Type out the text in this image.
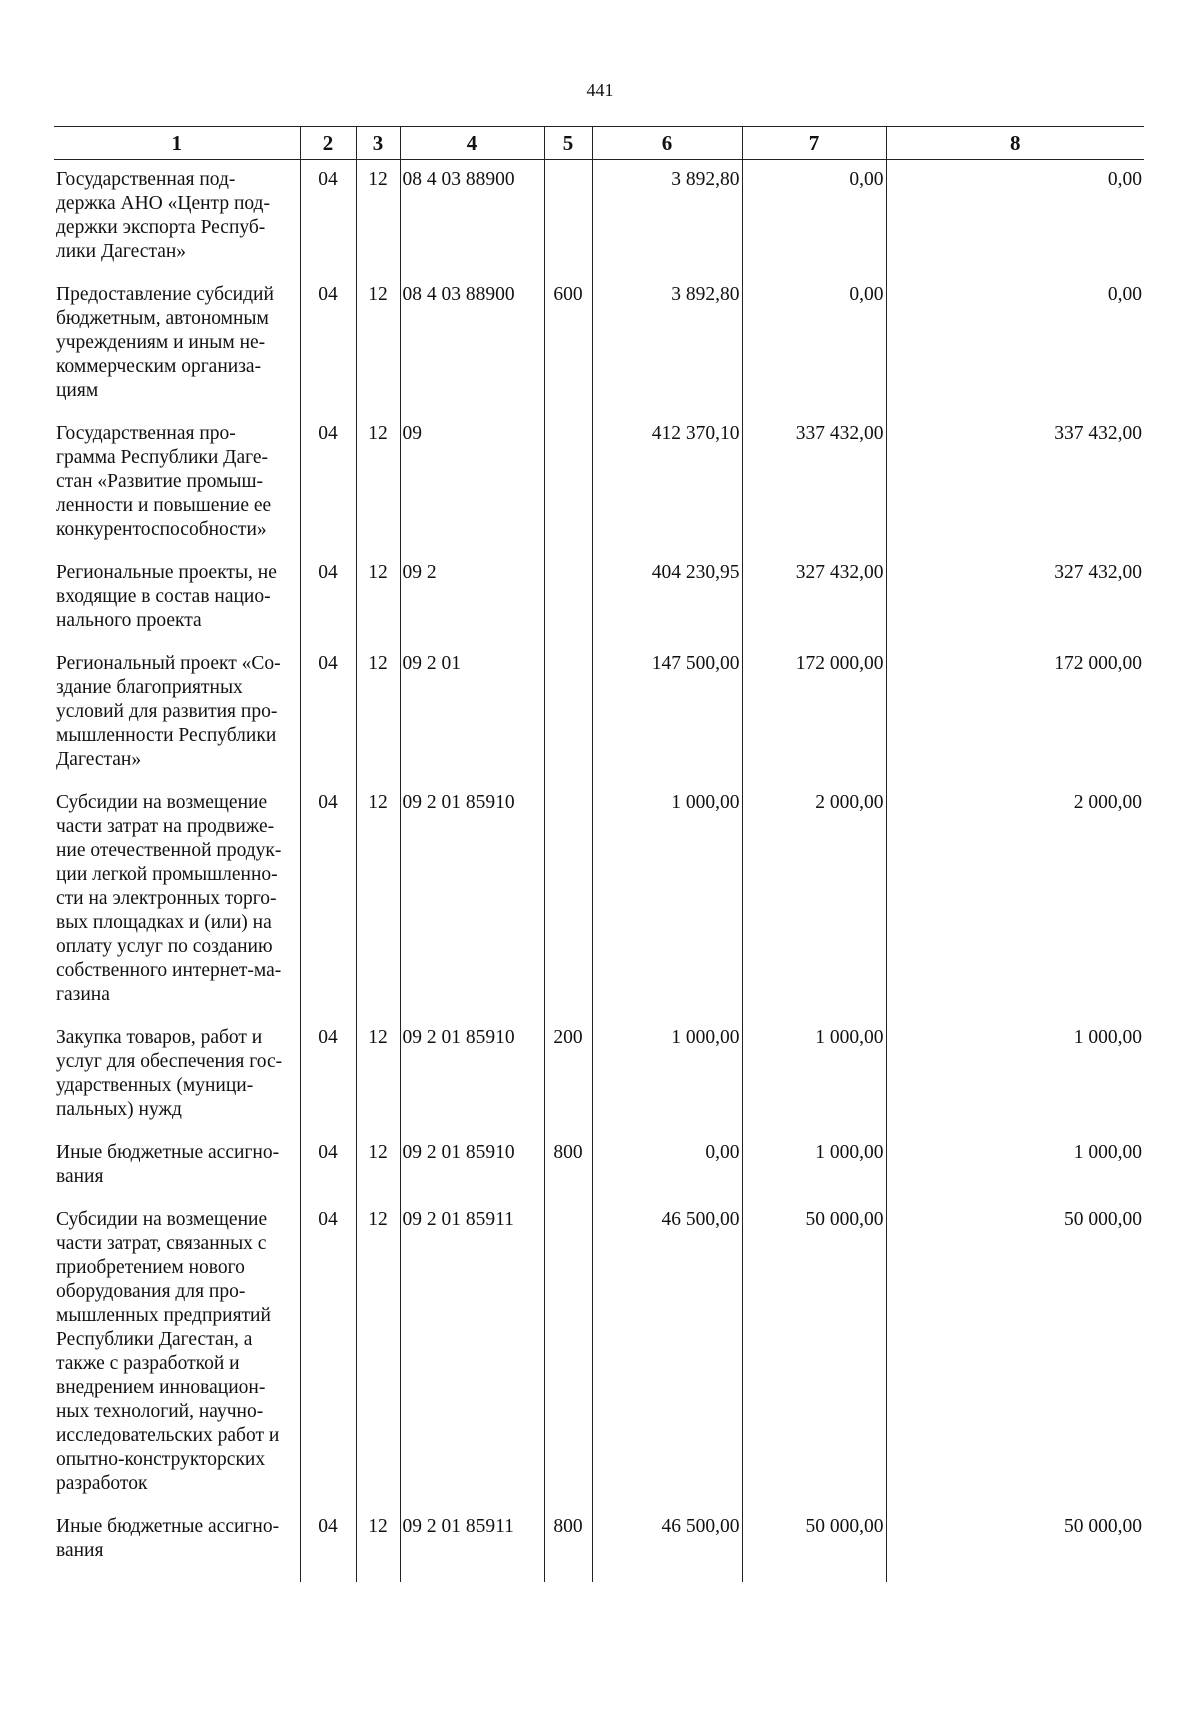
441
1	2	3	4	5	6	7	8
Государственная под-держка АНО «Центр под-держки экспорта Респуб-лики Дагестан»	04	12	08 4 03 88900		3 892,80	0,00	0,00
Предоставление субсидий бюджетным, автономным учреждениям и иным не-коммерческим организа-циям	04	12	08 4 03 88900	600	3 892,80	0,00	0,00
Государственная про-грамма Республики Даге-стан «Развитие промыш-ленности и повышение ее конкурентоспособности»	04	12	09		412 370,10	337 432,00	337 432,00
Региональные проекты, не входящие в состав нацио-нального проекта	04	12	09 2		404 230,95	327 432,00	327 432,00
Региональный проект «Со-здание благоприятных условий для развития про-мышленности Республики Дагестан»	04	12	09 2 01		147 500,00	172 000,00	172 000,00
Субсидии на возмещение части затрат на продвиже-ние отечественной продук-ции легкой промышленно-сти на электронных торго-вых площадках и (или) на оплату услуг по созданию собственного интернет-ма-газина	04	12	09 2 01 85910		1 000,00	2 000,00	2 000,00
Закупка товаров, работ и услуг для обеспечения гос-ударственных (муници-пальных) нужд	04	12	09 2 01 85910	200	1 000,00	1 000,00	1 000,00
Иные бюджетные ассигно-вания	04	12	09 2 01 85910	800	0,00	1 000,00	1 000,00
Субсидии на возмещение части затрат, связанных с приобретением нового оборудования для про-мышленных предприятий Республики Дагестан, а также с разработкой и внедрением инновацион-ных технологий, научно-исследовательских работ и опытно-конструкторских разработок	04	12	09 2 01 85911		46 500,00	50 000,00	50 000,00
Иные бюджетные ассигно-вания	04	12	09 2 01 85911	800	46 500,00	50 000,00	50 000,00
